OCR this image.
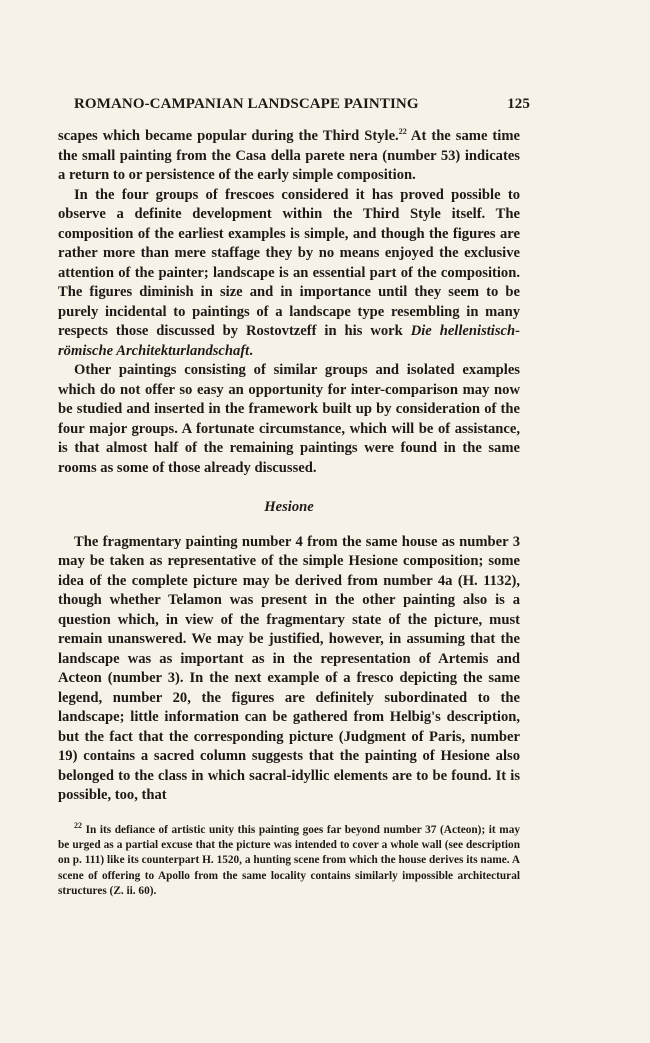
ROMANO-CAMPANIAN LANDSCAPE PAINTING	125

scapes which became popular during the Third Style.$^{22}$ At the same time the small painting from the Casa della parete nera (number 53) indicates a return to or persistence of the early simple composition.

In the four groups of frescoes considered it has proved possible to observe a definite development within the Third Style itself. The composition of the earliest examples is simple, and though the figures are rather more than mere staffage they by no means enjoyed the exclusive attention of the painter; landscape is an essential part of the composition. The figures diminish in size and in importance until they seem to be purely incidental to paintings of a landscape type resembling in many respects those discussed by Rostovtzeff in his work Die hellenistisch-römische Architekturlandschaft.

Other paintings consisting of similar groups and isolated examples which do not offer so easy an opportunity for inter-comparison may now be studied and inserted in the framework built up by consideration of the four major groups. A fortunate circumstance, which will be of assistance, is that almost half of the remaining paintings were found in the same rooms as some of those already discussed.

Hesione

The fragmentary painting number 4 from the same house as number 3 may be taken as representative of the simple Hesione composition; some idea of the complete picture may be derived from number 4a (H. 1132), though whether Telamon was present in the other painting also is a question which, in view of the fragmentary state of the picture, must remain unanswered. We may be justified, however, in assuming that the landscape was as important as in the representation of Artemis and Acteon (number 3). In the next example of a fresco depicting the same legend, number 20, the figures are definitely subordinated to the landscape; little information can be gathered from Helbig's description, but the fact that the corresponding picture (Judgment of Paris, number 19) contains a sacred column suggests that the painting of Hesione also belonged to the class in which sacral-idyllic elements are to be found. It is possible, too, that

$^{22}$ In its defiance of artistic unity this painting goes far beyond number 37 (Acteon); it may be urged as a partial excuse that the picture was intended to cover a whole wall (see description on p. 111) like its counterpart H. 1520, a hunting scene from which the house derives its name. A scene of offering to Apollo from the same locality contains similarly impossible architectural structures (Z. ii. 60).
